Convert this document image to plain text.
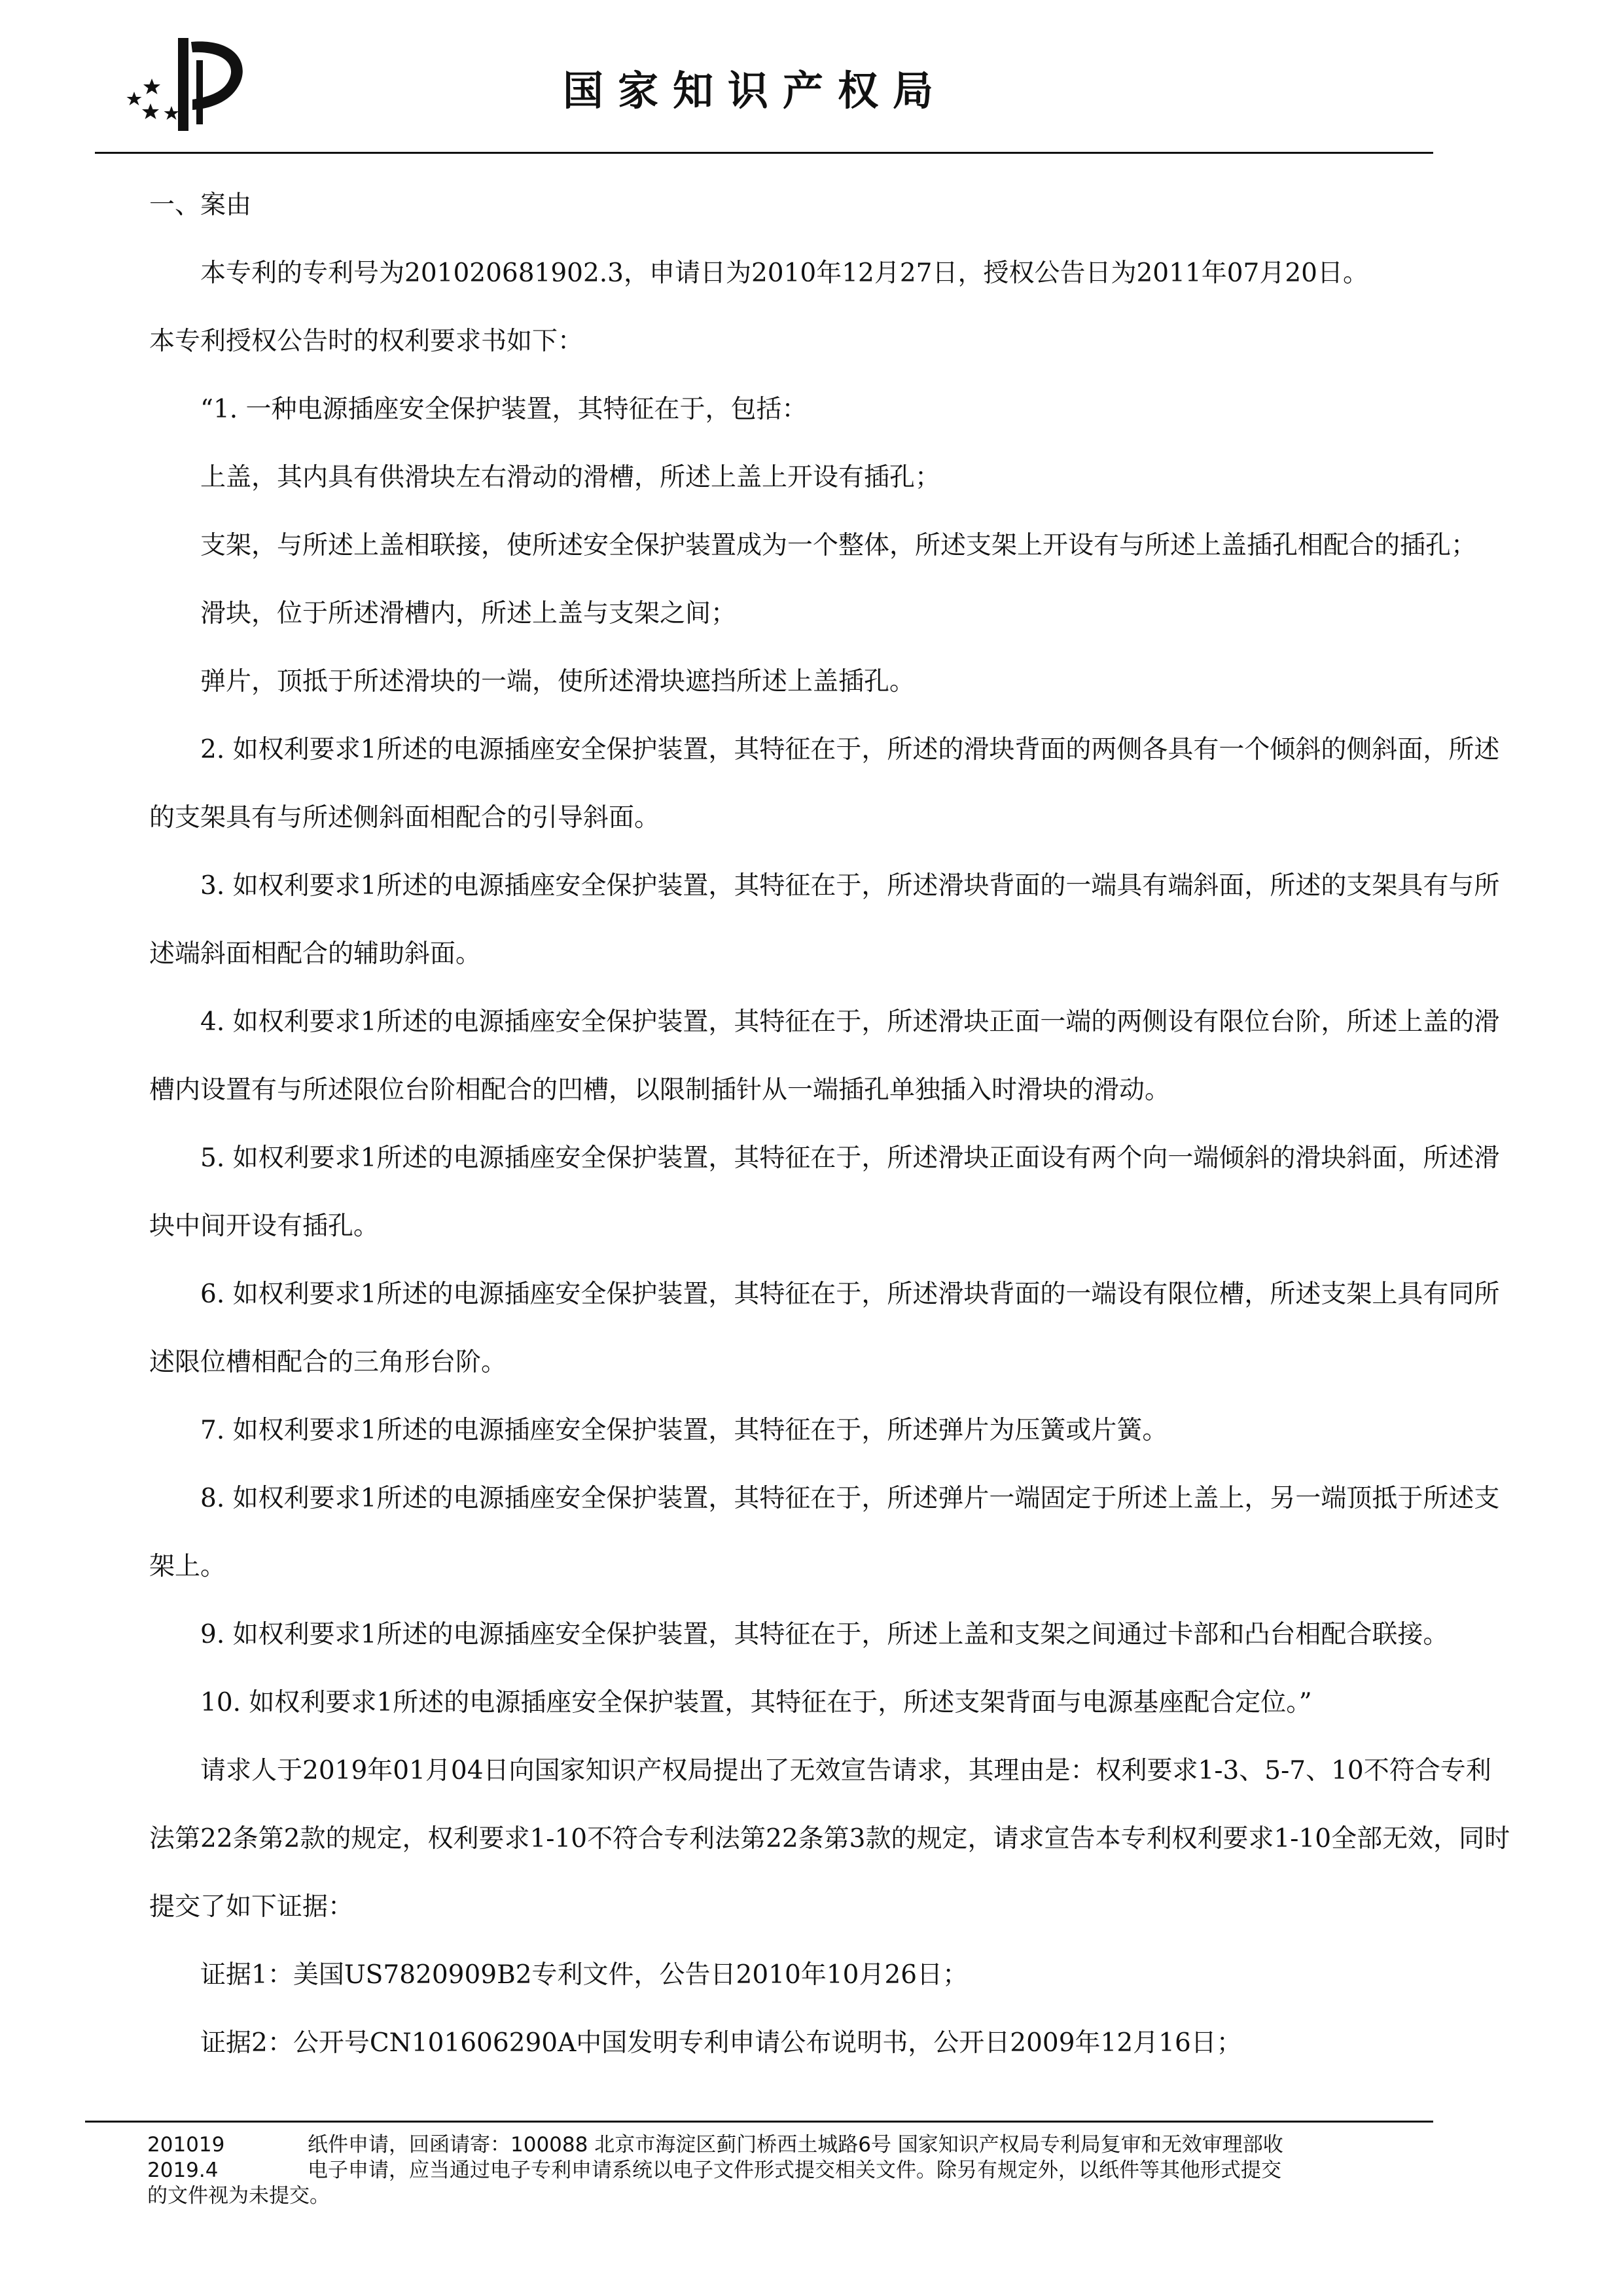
国家知识产权局

一、案由

本专利的专利号为201020681902.3，申请日为2010年12月27日，授权公告日为2011年07月20日。

本专利授权公告时的权利要求书如下：

“1. 一种电源插座安全保护装置，其特征在于，包括：

上盖，其内具有供滑块左右滑动的滑槽，所述上盖上开设有插孔；

支架，与所述上盖相联接，使所述安全保护装置成为一个整体，所述支架上开设有与所述上盖插孔相配合的插孔；

滑块，位于所述滑槽内，所述上盖与支架之间；

弹片，顶抵于所述滑块的一端，使所述滑块遮挡所述上盖插孔。

2. 如权利要求1所述的电源插座安全保护装置，其特征在于，所述的滑块背面的两侧各具有一个倾斜的侧斜面，所述的支架具有与所述侧斜面相配合的引导斜面。

3. 如权利要求1所述的电源插座安全保护装置，其特征在于，所述滑块背面的一端具有端斜面，所述的支架具有与所述端斜面相配合的辅助斜面。

4. 如权利要求1所述的电源插座安全保护装置，其特征在于，所述滑块正面一端的两侧设有限位台阶，所述上盖的滑槽内设置有与所述限位台阶相配合的凹槽，以限制插针从一端插孔单独插入时滑块的滑动。

5. 如权利要求1所述的电源插座安全保护装置，其特征在于，所述滑块正面设有两个向一端倾斜的滑块斜面，所述滑块中间开设有插孔。

6. 如权利要求1所述的电源插座安全保护装置，其特征在于，所述滑块背面的一端设有限位槽，所述支架上具有同所述限位槽相配合的三角形台阶。

7. 如权利要求1所述的电源插座安全保护装置，其特征在于，所述弹片为压簧或片簧。

8. 如权利要求1所述的电源插座安全保护装置，其特征在于，所述弹片一端固定于所述上盖上，另一端顶抵于所述支架上。

9. 如权利要求1所述的电源插座安全保护装置，其特征在于，所述上盖和支架之间通过卡部和凸台相配合联接。

10. 如权利要求1所述的电源插座安全保护装置，其特征在于，所述支架背面与电源基座配合定位。”

请求人于2019年01月04日向国家知识产权局提出了无效宣告请求，其理由是：权利要求1-3、5-7、10不符合专利法第22条第2款的规定，权利要求1-10不符合专利法第22条第3款的规定，请求宣告本专利权利要求1-10全部无效，同时提交了如下证据：

证据1：美国US7820909B2专利文件，公告日2010年10月26日；

证据2：公开号CN101606290A中国发明专利申请公布说明书，公开日2009年12月16日；

201019	纸件申请，回函请寄：100088 北京市海淀区蓟门桥西土城路6号 国家知识产权局专利局复审和无效审理部收
2019.4	电子申请，应当通过电子专利申请系统以电子文件形式提交相关文件。除另有规定外，以纸件等其他形式提交
的文件视为未提交。
